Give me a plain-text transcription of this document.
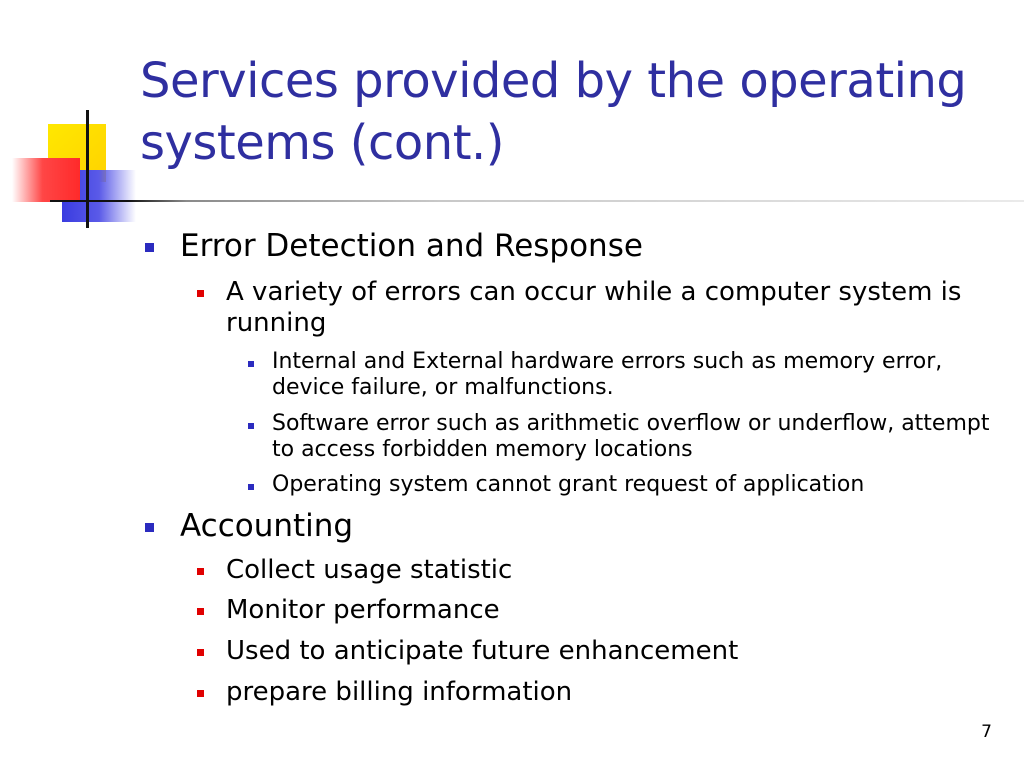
Services provided by the operating systems (cont.)
Error Detection and Response
A variety of errors can occur while a computer system is running
Internal and External hardware errors such as memory error, device failure, or malfunctions.
Software error such as arithmetic overflow or underflow, attempt to access forbidden memory locations
Operating system cannot grant request of application
Accounting
Collect usage statistic
Monitor performance
Used to anticipate future enhancement
prepare billing information
7
